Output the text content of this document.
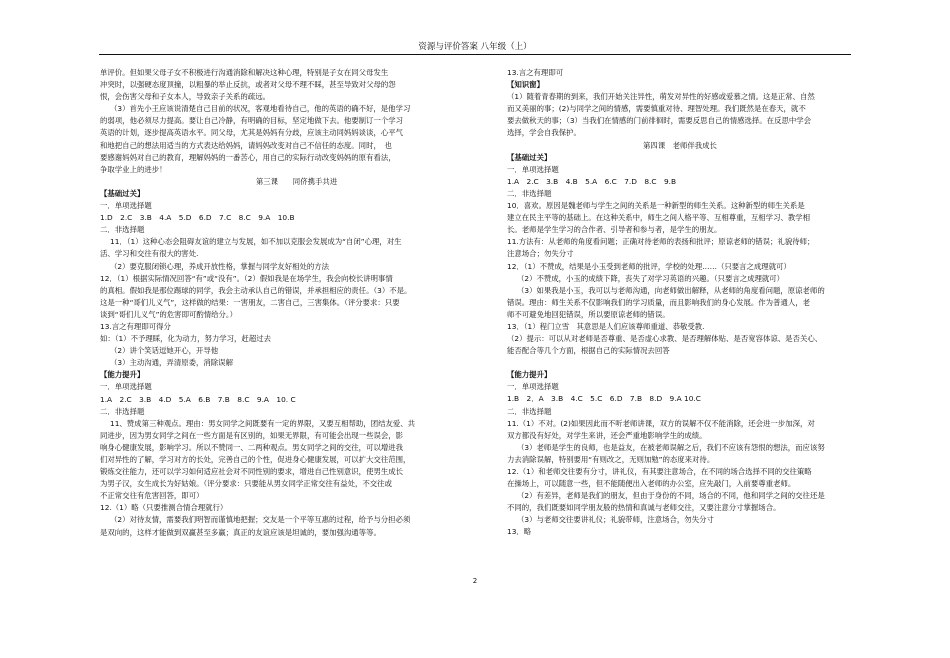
资源与评价答案 八年级（上）
单评价。但如果父母子女不积极进行沟通消除和解决这种心理，特别是子女在同父母发生
冲突时，以强硬态度顶撞，以粗暴的举止反抗，或者对父母不理不睬，甚至导致对父母的怨
恨，会伤害父母和子女本人，导致亲子关系的疏远。
（3）首先小王应该说清楚自己目前的状况，客观地看待自己，他的英语的确不好，是他学习
的弱项，他必须尽力提高。要让自己冷静，有明确的目标，坚定地做下去。他要制订一个学习
英语的计划，逐步提高英语水平。同父母，尤其是妈妈有分歧，应该主动同妈妈谈谈，心平气
和地把自己的想法用适当的方式表达给妈妈，请妈妈改变对自己不信任的态度。同时，　也
要感谢妈妈对自己的教育，理解妈妈的一番苦心，用自己的实际行动改变妈妈的原有看法，
争取学业上的进步！
第三课　　同侪携手共进
【基础过关】
一．单项选择题
1.D　2.C　3.B　4.A　5.D　6.D　7.C　8.C　9.A　10.B
二．非选择题
11．（1）这种心态会阻碍友谊的建立与发展，如不加以克服会发展成为“自闭”心理，对生
活、学习和交往有很大的害处.
（2）要克服闭锁心理，养成开放性格，掌握与同学友好相处的方法
12．（1）根据实际情况回答“有”或“没有”。（2）假如我是在场学生，我会向校长讲明事情
的真相。假如我是那位踢球的同学，我会主动承认自己的错误，并承担相应的责任。（3）不是。
这是一种“哥们儿义气”，这样做的结果：一害朋友，二害自己，三害集体。（评分要求：只要
谈到“哥们儿义气”的危害即可酌情给分。）
13.言之有理即可得分
如：（1）不予理睬，化为动力，努力学习，赶超过去
（2）讲个笑话逗她开心，开导他
（3）主动沟通，弄清原委，消除误解
【能力提升】
一．单项选择题
1.A　2.C　3.B　4.D　5.A　6.B　7.B　8.C　9.A　10. C
二．非选择题
11、赞成第三种观点。理由：男女同学之间既要有一定的界限，又要互相帮助，团结友爱、共
同进步，因为男女同学之间在一些方面是有区别的，如果无界限，有可能会出现一些误会，影
响身心健康发展，影响学习。所以不赞同一、二两种观点。男女同学之间的交往，可以增进我
们对异性的了解，学习对方的长处，完善自己的个性，促进身心健康发展，可以扩大交往范围，
锻炼交往能力，还可以学习如何适应社会对不同性别的要求，增进自己性别意识，使男生成长
为男子汉，女生成长为好姑娘。（评分要求：只要能从男女同学正常交往有益处，不交往或
不正常交往有危害回答，即可）
12.（1）略（只要推测合情合理就行）
（2）对待友情，需要我们明智而谨慎地把握；交友是一个平等互惠的过程，给予与分担必须
是双向的，这样才能做到双赢甚至多赢；真正的友谊应该是坦诚的，要加强沟通等等。
13.言之有理即可
【知识窗】
（1）随着青春期的到来，我们开始关注异性，萌发对异性的好感或爱慕之情。这是正常、自然
而又美丽的事；(2)与同学之间的情感，需要慎重对待、理智处理。我们既然是在春天，就不
要去做秋天的事；（3）当我们在情感的门前徘徊时，需要反思自己的情感选择。在反思中学会
选择，学会自我保护。
第四课　老师伴我成长
【基础过关】
一．单项选择题
1.A　2.C　3.B　4.B　5.A　6.C　7.D　8.C　9.B
二．非选择题
10．喜欢。原因是魏老师与学生之间的关系是一种新型的师生关系。这种新型的师生关系是
建立在民主平等的基础上。在这种关系中，师生之间人格平等、互相尊重，互相学习、教学相
长。老师是学生学习的合作者、引导者和参与者，是学生的朋友。
11.方法有：从老师的角度看问题；正确对待老师的表扬和批评；原谅老师的错误；礼貌待师；
注意场合；勿失分寸
12．（1）不赞成，结果是小玉受到老师的批评，学校的处理……（只要言之成理就可）
（2）不赞成，小玉的成绩下降，丧失了对学习英语的兴趣。（只要言之成理就可）
（3）如果我是小玉，我可以与老师沟通，向老师做出解释，从老师的角度看问题，原谅老师的
错误。理由：师生关系不仅影响我们的学习质量，而且影响我们的身心发展。作为普通人，老
师不可避免地回犯错误，所以要原谅老师的错误。
13．（1）程门立雪　其意思是人们应该尊师重道、恭敬受教.
（2）提示：可以从对老师是否尊重、是否虚心求教、是否理解体贴、是否宽容体谅、是否关心、
能否配合等几个方面，根据自己的实际情况去回答
【能力提升】
一．单项选择题
1.B　2．A　3.B　4.C　5.C　6.D　7.B　8.D　9.A 10.C
二．非选择题
11.（1）不对。(2)如果因此而不听老师讲课，双方的误解不仅不能消除，还会进一步加深，对
双方都没有好处，对学生来讲，还会严重地影响学生的成绩。
（3）老师是学生的良师，也是益友，在被老师误解之后，我们不应该有怨恨的想法，而应该努
力去消除误解，特别要用“有则改之，无则加勉”的态度来对待。
12.（1）和老师交往要有分寸，讲礼仪，有其要注意场合，在不同的场合选择不同的交往策略
在操场上，可以随意一些，但不能随便出入老师的办公室，应先敲门，入前要尊重老师。
（2）有差异，老师是我们的朋友，但由于身份的不同，场合的不同，他和同学之间的交往还是
不同的，我们既要如同学朋友般的热情和真诚与老师交往，又要注意分寸掌握场合。
（3）与老师交往要讲礼仪；礼貌带师，注意场合，勿失分寸
13．略
2
